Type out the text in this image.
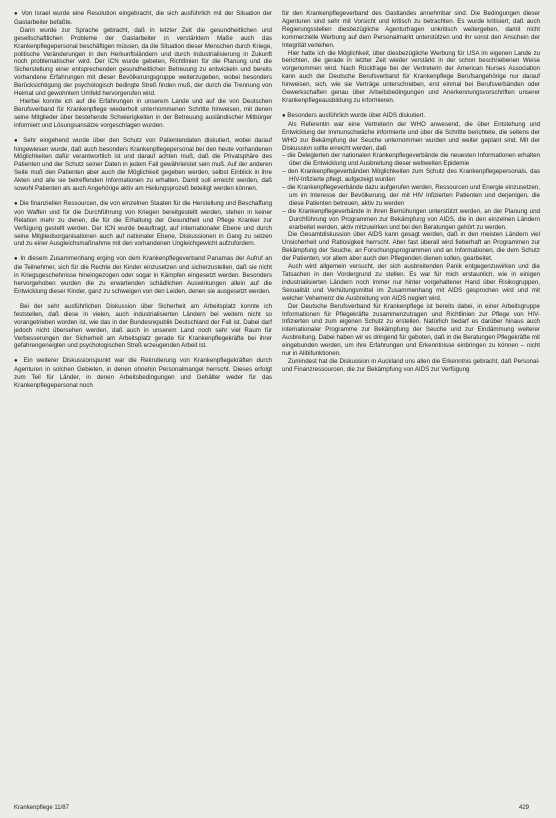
● Von Israel wurde eine Resolution eingebracht, die sich ausführlich mit der Situation der Gastarbeiter befaßte.

Darin wurde zur Sprache gebracht, daß in letzter Zeit die gesundheitlichen und gesellschaftlichen Probleme der Gastarbeiter in verstärktem Maße auch das Krankenpflegepersonal beschäftigen müssen, da die Situation dieser Menschen durch Kriege, politische Veränderungen in den Herkunftsländern und durch Industrialisierung in Zukunft noch problematischer wird. Der ICN wurde gebeten, Richtlinien für die Planung und die Sicherstellung einer entsprechenden gesundheitlichen Betreuung zu entwickeln und bereits vorhandene Erfahrungen mit dieser Bevölkerungsgruppe weiterzugeben, wobei besonders Berücksichtigung der psychologisch bedingte Streß finden muß, der durch die Trennung von Heimat und gewohntem Umfeld hervorgerufen wird.

Hierbei konnte ich auf die Erfahrungen in unserem Lande und auf die von Deutschen Berufsverband für Krankenpflege wiederholt unternommenen Schritte hinweisen, mit denen seine Mitglieder über bestehende Schwierigkeiten in der Betreuung ausländischer Mitbürger informiert und Lösungsansätze vorgeschlagen wurden.

● Sehr eingehend wurde über den Schutz von Patientendaten diskutiert, wobei darauf hingewiesen wurde, daß auch besonders Krankenpflegepersonal bei den heute vorhandenen Möglichkeiten dafür verantwortlich ist und darauf achten muß, daß die Privatsphäre des Patienten und der Schutz seiner Daten in jedem Fall gewährleistet sein muß. Auf der anderen Seite muß den Patienten aber auch die Möglichkeit gegeben werden, selbst Einblick in ihre Akten und alle sie betreffenden Informationen zu erhalten. Damit soll erreicht werden, daß sowohl Patienten als auch Angehörige aktiv am Heilungsprozeß beteiligt werden können.

● Die finanziellen Ressourcen, die von einzelnen Staaten für die Herstellung und Beschaffung von Waffen und für die Durchführung von Kriegen bereitgestellt werden, stehen in keiner Relation mehr zu denen, die für die Erhaltung der Gesundheit und Pflege Kranker zur Verfügung gestellt werden. Der ICN wurde beauftragt, auf internationaler Ebene und durch seine Mitgliedsorganisationen auch auf nationaler Ebene, Diskussionen in Gang zu setzen und zu einer Ausgleichsmaßnahme mit den vorhandenen Ungleichgewicht aufzufordern.

● In diesem Zusammenhang erging von dem Krankenpflegeverband Panamas der Aufruf an die Teilnehmer, sich für die Rechte der Kinder einzusetzen und sicherzustellen, daß sie nicht in Kriegsgeschehnisse hineingezogen oder sogar in Kämpfen eingesetzt werden. Besonders hervorgehoben wurden die zu erwartenden schädlichen Auswirkungen allein auf die Entwicklung dieser Kinder, ganz zu schweigen von den Leiden, denen sie ausgesetzt werden.

Bei der sehr ausführlichen Diskussion über Sicherheit am Arbeitsplatz konnte ich feststellen, daß diese in vielen, auch industrialisierten Ländern bei weitem nicht so vorangetrieben worden ist, wie das in der Bundesrepublik Deutschland der Fall ist. Dabei darf jedoch nicht übersehen werden, daß auch in unserem Land noch sehr viel Raum für Verbesserungen der Sicherheit am Arbeitsplatz gerade für Krankenpflegekräfte bei ihrer gefahrengeneigten und psychologischen Streß erzeugenden Arbeit ist.

● Ein weiterer Diskussionspunkt war die Rekrutierung von Krankenpflegekräften durch Agenturen in solchen Gebieten, in denen ohnehin Personalmangel herrscht. Dieses erfolgt zum Teil für Länder, in denen Arbeitsbedingungen und Gehälter weder für das Krankenpflegepersonal noch

für den Krankenpflegeverband des Gastlandes annehmbar sind. Die Bedingungen dieser Agenturen sind sehr mit Vorsicht und kritisch zu betrachten. Es wurde kritisiert, daß auch Regierungsstellen diesbezügliche Agenturfragen unkritisch weitergeben, damit nicht kommerzielle Werbung auf dem Personalmarkt unterstützen und ihr sonst den Anschein der Integrität verleihen.

Hier hatte ich die Möglichkeit, über diesbezügliche Werbung für USA im eigenen Lande zu berichten, die gerade in letzter Zeit wieder verstärkt in der schon beschriebenen Weise vorgenommen wird. Nach Rückfrage bei der Vertreterin der American Nurses Association kann auch der Deutsche Berufsverband für Krankenpflege Berufsangehörige nur darauf hinweisen, sich, wie sie Verträge unterschreiben, erst einmal bei Berufsverbänden oder Gewerkschaften genau über Arbeitsbedingungen und Anerkennungsvorschriften unserer Krankenpflegeausbildung zu informieren.

● Besonders ausführlich wurde über AIDS diskutiert.

Als Referentin war eine Vertreterin der WHO anwesend, die über Entstehung und Entwicklung der Immunschwäche informierte und über die Schritte berichtete, die seitens der WHO zur Bekämpfung der Seuche unternommen wurden und weiter geplant sind. Mit der Diskussion sollte erreicht werden, daß

– die Delegierten der nationalen Krankenpflegeverbände die neuesten Informationen erhalten über die Entwicklung und Ausbreitung dieser weltweiten Epidemie

– den Krankenpflegeverbänden Möglichkeiten zum Schutz des Krankenpflegepersonals, das HIV-Infizierte pflegt, aufgezeigt wurden

– die Krankenpflegeverbände dazu aufgerufen werden, Ressourcen und Energie einzusetzen, um im Interesse der Bevölkerung, der mit HIV infizierten Patienten und derjenigen, die diese Patienten betreuen, aktiv zu werden

– die Krankenpflegeverbände in ihren Bemühungen unterstützt werden, an der Planung und Durchführung von Programmen zur Bekämpfung von AIDS, die in den einzelnen Ländern erarbeitet werden, aktiv mitzuwirken und bei den Beratungen gehört zu werden.

Die Gesamtdiskussion über AIDS kann gesagt werden, daß in den meisten Ländern viel Unsicherheit und Ratlosigkeit herrscht. Aber fast überall wird fieberhaft an Programmen zur Bekämpfung der Seuche, an Forschungsprogrammen und an Informationen, die dem Schutz der Patienten, vor allem aber auch den Pflegenden dienen sollen, gearbeitet.

Auch wird allgemein versucht, der sich ausbreitenden Panik entgegenzuwirken und die Tatsachen in den Vordergrund zu stellen. Es war für mich erstaunlich, wie in einigen industrialisierten Ländern noch immer nur hinter vorgehaltener Hand über Risikogruppen, Sexualität und Verhütungsmittel im Zusammenhang mit AIDS gesprochen wird und mit welcher Vehemenz die Ausbreitung von AIDS negiert wird.

Der Deutsche Berufsverband für Krankenpflege ist bereits dabei, in einer Arbeitsgruppe Informationen für Pflegekräfte zusammenzutragen und Richtlinien zur Pflege von HIV-Infizierten und zum eigenen Schutz zu erstellen. Natürlich bedarf es darüber hinaus auch internationaler Programme zur Bekämpfung der Seuche und zur Eindämmung weiterer Ausbreitung. Dabei haben wir es dringend für geboten, daß in die Beratungen Pflegekräfte mit eingebunden werden, um ihre Erfahrungen und Erkenntnisse einbringen zu können – nicht nur in Alibifunktionen.

Zumindest hat die Diskussion in Auckland uns allen die Erkenntnis gebracht, daß Personal- und Finanzressourcen, die zur Bekämpfung von AIDS zur Verfügung

Krankenpflege 11/87	429
